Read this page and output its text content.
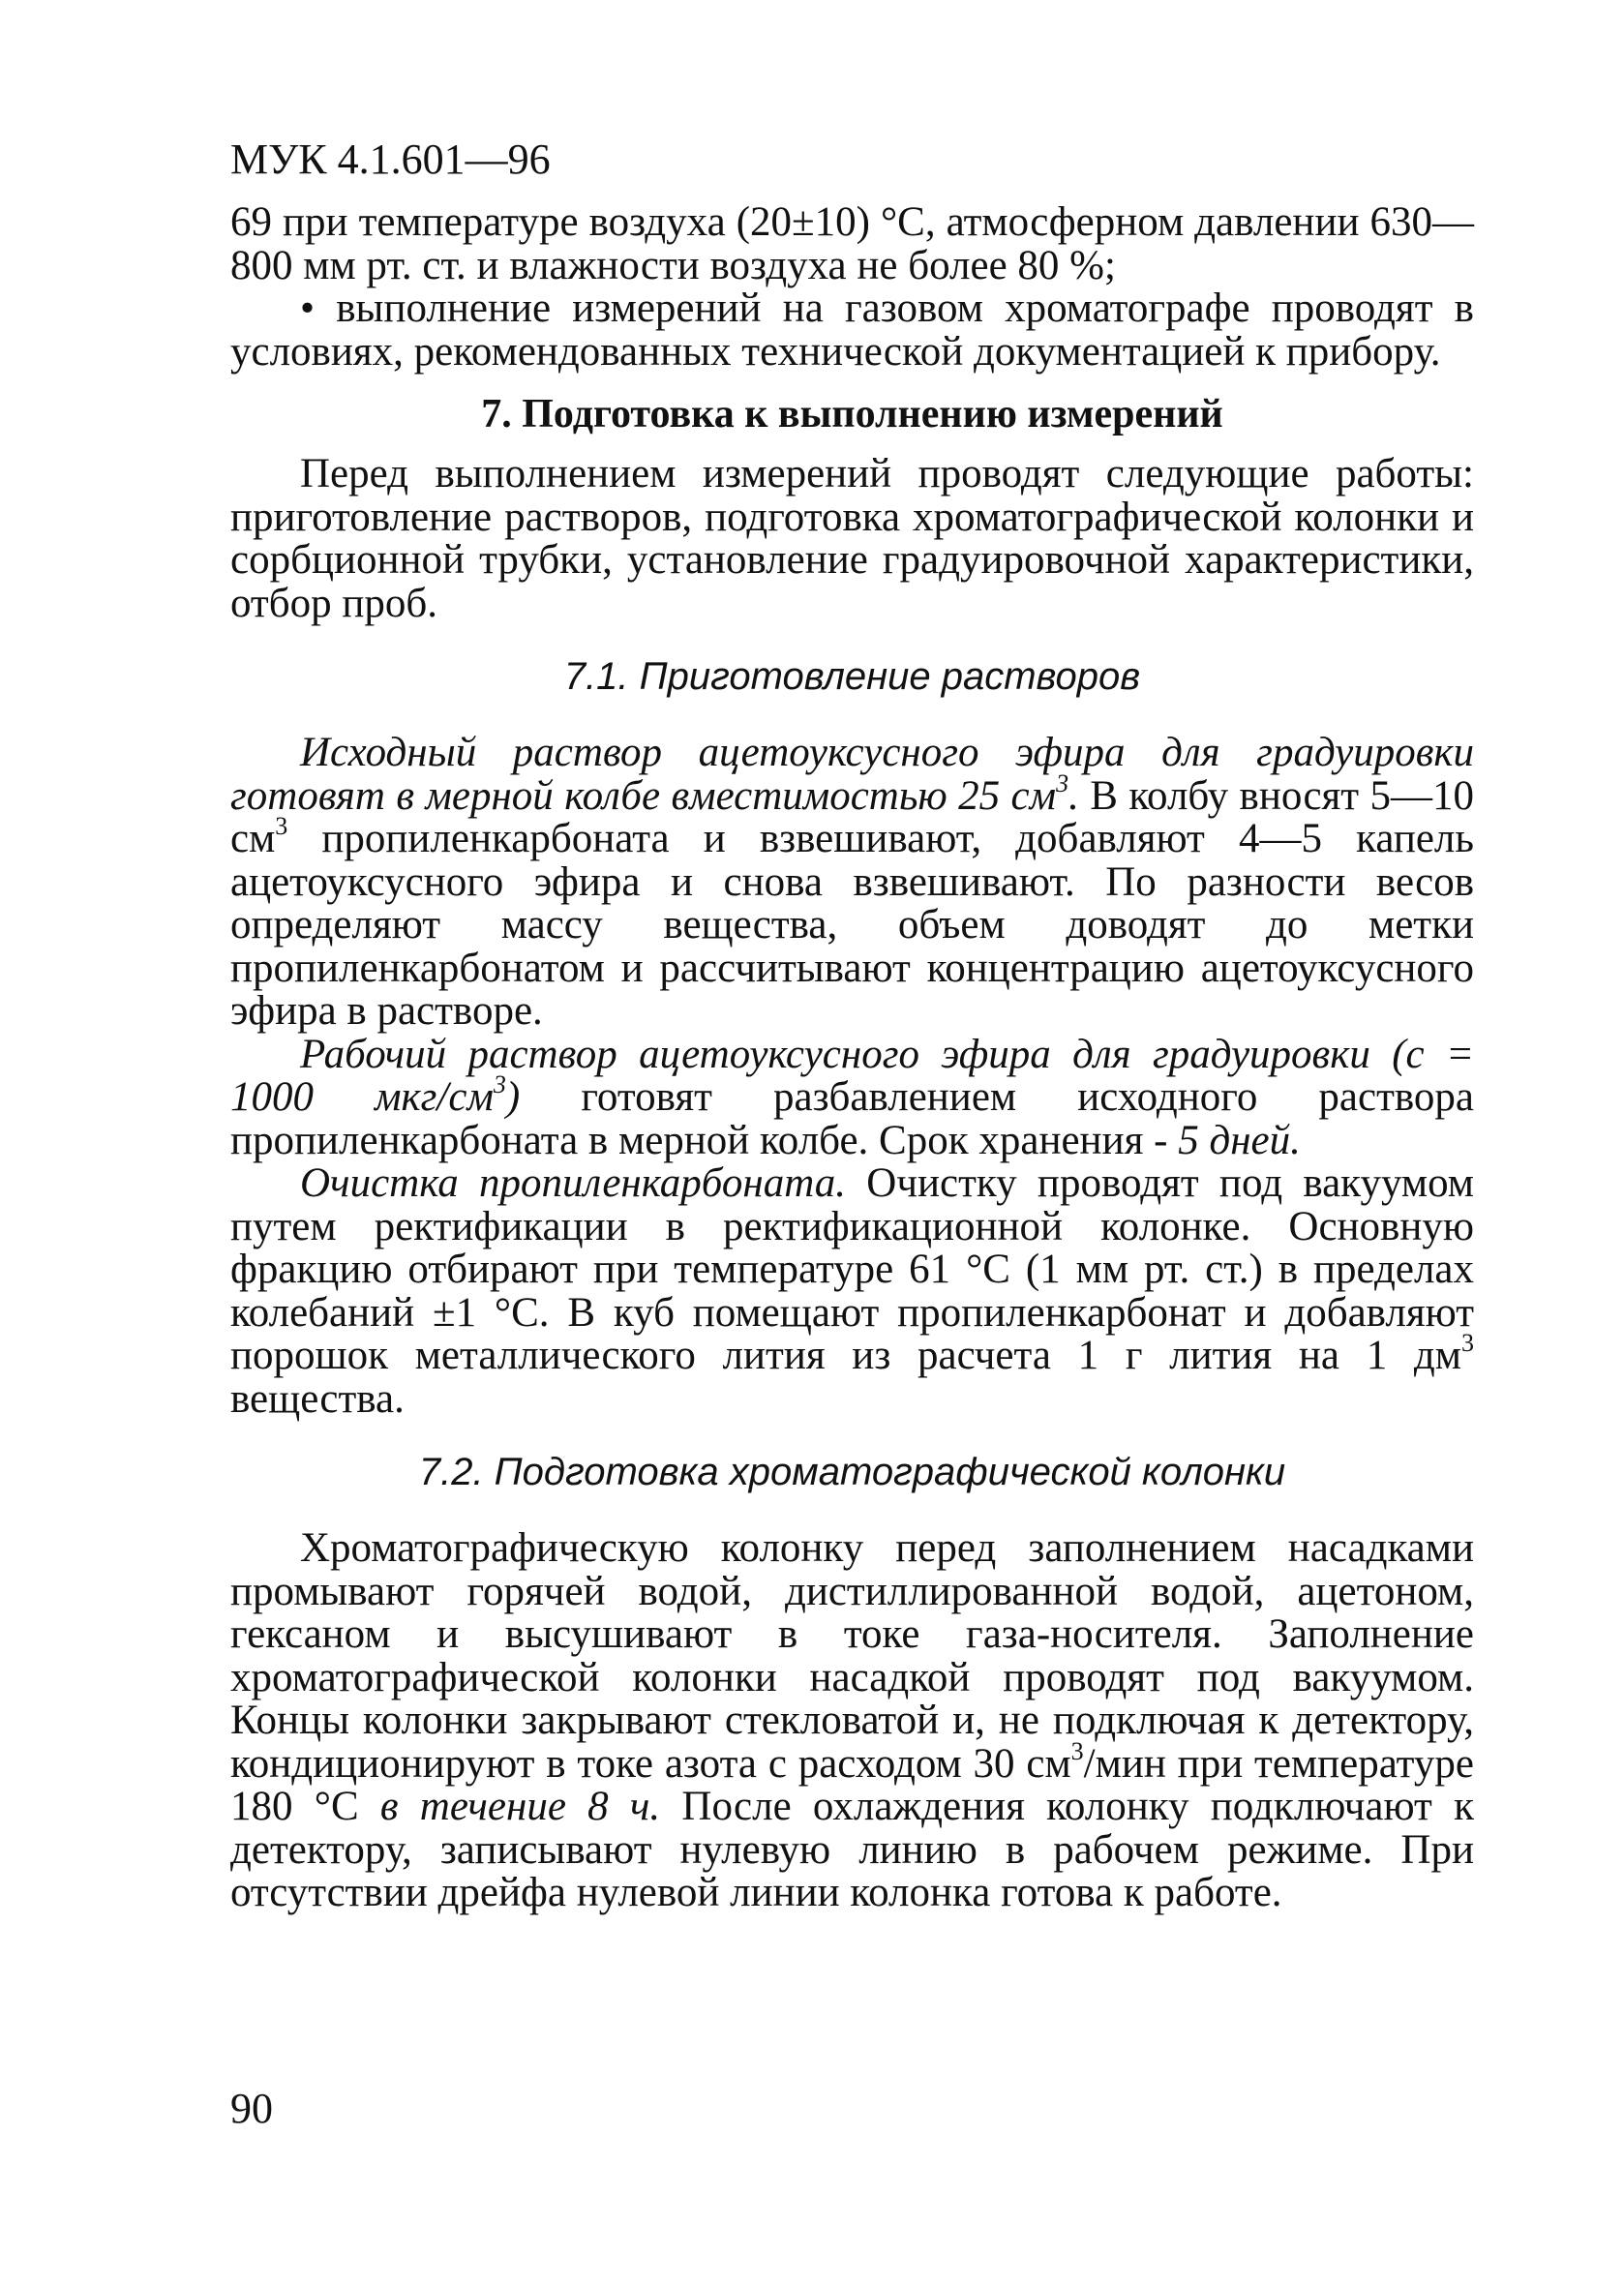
МУК 4.1.601—96

69 при температуре воздуха (20±10) °С, атмосферном давлении 630—800 мм рт. ст. и влажности воздуха не более 80 %;

• выполнение измерений на газовом хроматографе проводят в условиях, рекомендованных технической документацией к прибору.

7. Подготовка к выполнению измерений

Перед выполнением измерений проводят следующие работы: приготовление растворов, подготовка хроматографической колонки и сорбционной трубки, установление градуировочной характеристики, отбор проб.

7.1. Приготовление растворов

Исходный раствор ацетоуксусного эфира для градуировки готовят в мерной колбе вместимостью 25 $см^3$. В колбу вносят 5—10 $см^3$ пропиленкарбоната и взвешивают, добавляют 4—5 капель ацетоуксусного эфира и снова взвешивают. По разности весов определяют массу вещества, объем доводят до метки пропиленкарбонатом и рассчитывают концентрацию ацетоуксусного эфира в растворе.

Рабочий раствор ацетоуксусного эфира для градуировки (с = 1000 мкг/$см^3$) готовят разбавлением исходного раствора пропиленкарбоната в мерной колбе. Срок хранения - 5 дней.

Очистка пропиленкарбоната. Очистку проводят под вакуумом путем ректификации в ректификационной колонке. Основную фракцию отбирают при температуре 61 °С (1 мм рт. ст.) в пределах колебаний ±1 °С. В куб помещают пропиленкарбонат и добавляют порошок металлического лития из расчета 1 г лития на 1 $дм^3$ вещества.

7.2. Подготовка хроматографической колонки

Хроматографическую колонку перед заполнением насадками промывают горячей водой, дистиллированной водой, ацетоном, гексаном и высушивают в токе газа-носителя. Заполнение хроматографической колонки насадкой проводят под вакуумом. Концы колонки закрывают стекловатой и, не подключая к детектору, кондиционируют в токе азота с расходом 30 $см^3$/мин при температуре 180 °С в течение 8 ч. После охлаждения колонку подключают к детектору, записывают нулевую линию в рабочем режиме. При отсутствии дрейфа нулевой линии колонка готова к работе.

90
